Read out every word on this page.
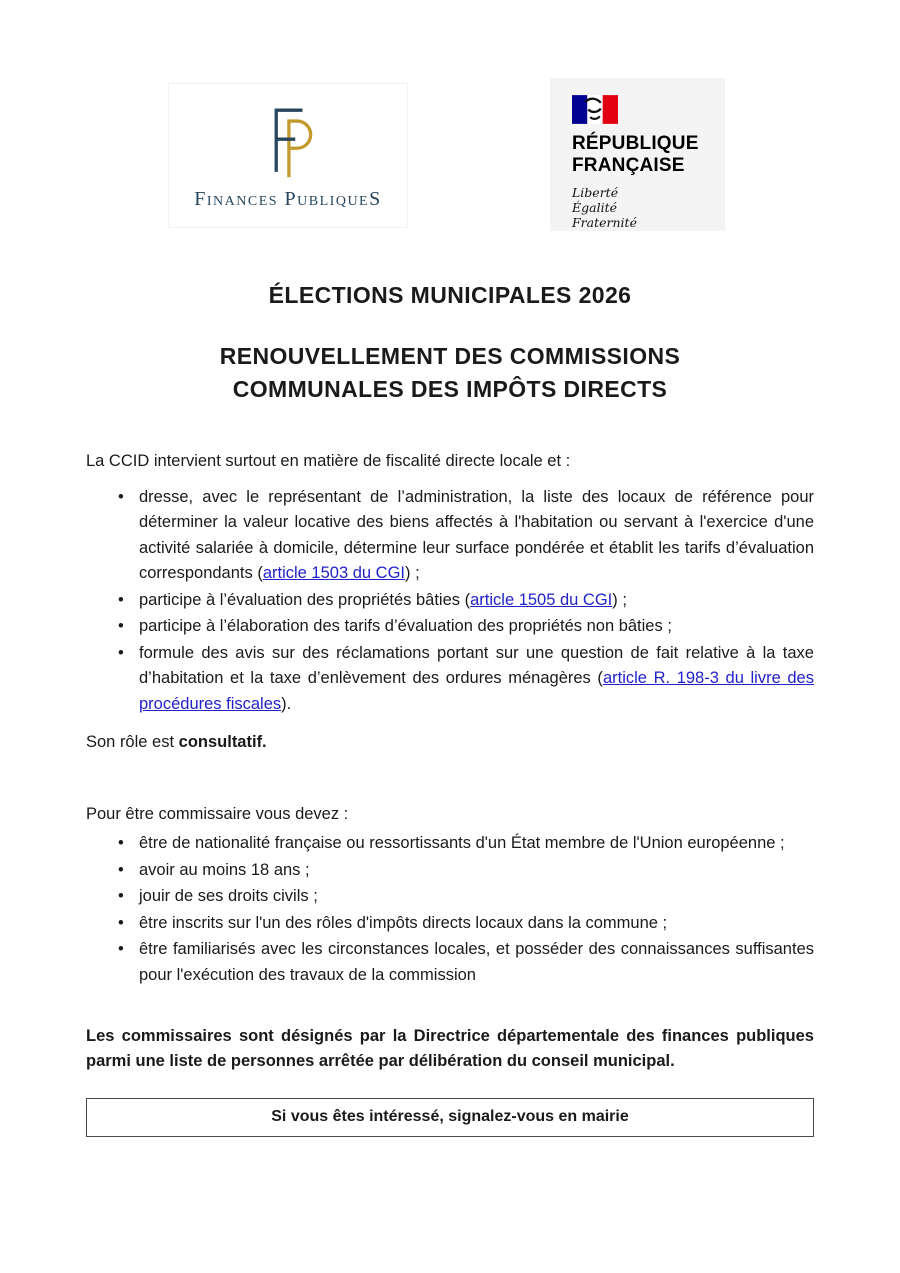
Finances PubliqueS
RÉPUBLIQUE
FRANÇAISE
Liberté
Égalité
Fraternité
ÉLECTIONS MUNICIPALES 2026
RENOUVELLEMENT DES COMMISSIONS
COMMUNALES DES IMPÔTS DIRECTS

La CCID intervient surtout en matière de fiscalité directe locale et :

• dresse, avec le représentant de l’administration, la liste des locaux de référence pour déterminer la valeur locative des biens affectés à l'habitation ou servant à l'exercice d'une activité salariée à domicile, détermine leur surface pondérée et établit les tarifs d’évaluation correspondants (article 1503 du CGI) ;
• participe à l’évaluation des propriétés bâties (article 1505 du CGI) ;
• participe à l’élaboration des tarifs d’évaluation des propriétés non bâties ;
• formule des avis sur des réclamations portant sur une question de fait relative à la taxe d’habitation et la taxe d’enlèvement des ordures ménagères (article R. 198-3 du livre des procédures fiscales).

Son rôle est consultatif.

Pour être commissaire vous devez :

• être de nationalité française ou ressortissants d'un État membre de l'Union européenne ;
• avoir au moins 18 ans ;
• jouir de ses droits civils ;
• être inscrits sur l'un des rôles d'impôts directs locaux dans la commune ;
• être familiarisés avec les circonstances locales, et posséder des connaissances suffisantes pour l'exécution des travaux de la commission

Les commissaires sont désignés par la Directrice départementale des finances publiques parmi une liste de personnes arrêtée par délibération du conseil municipal.

Si vous êtes intéressé, signalez-vous en mairie
